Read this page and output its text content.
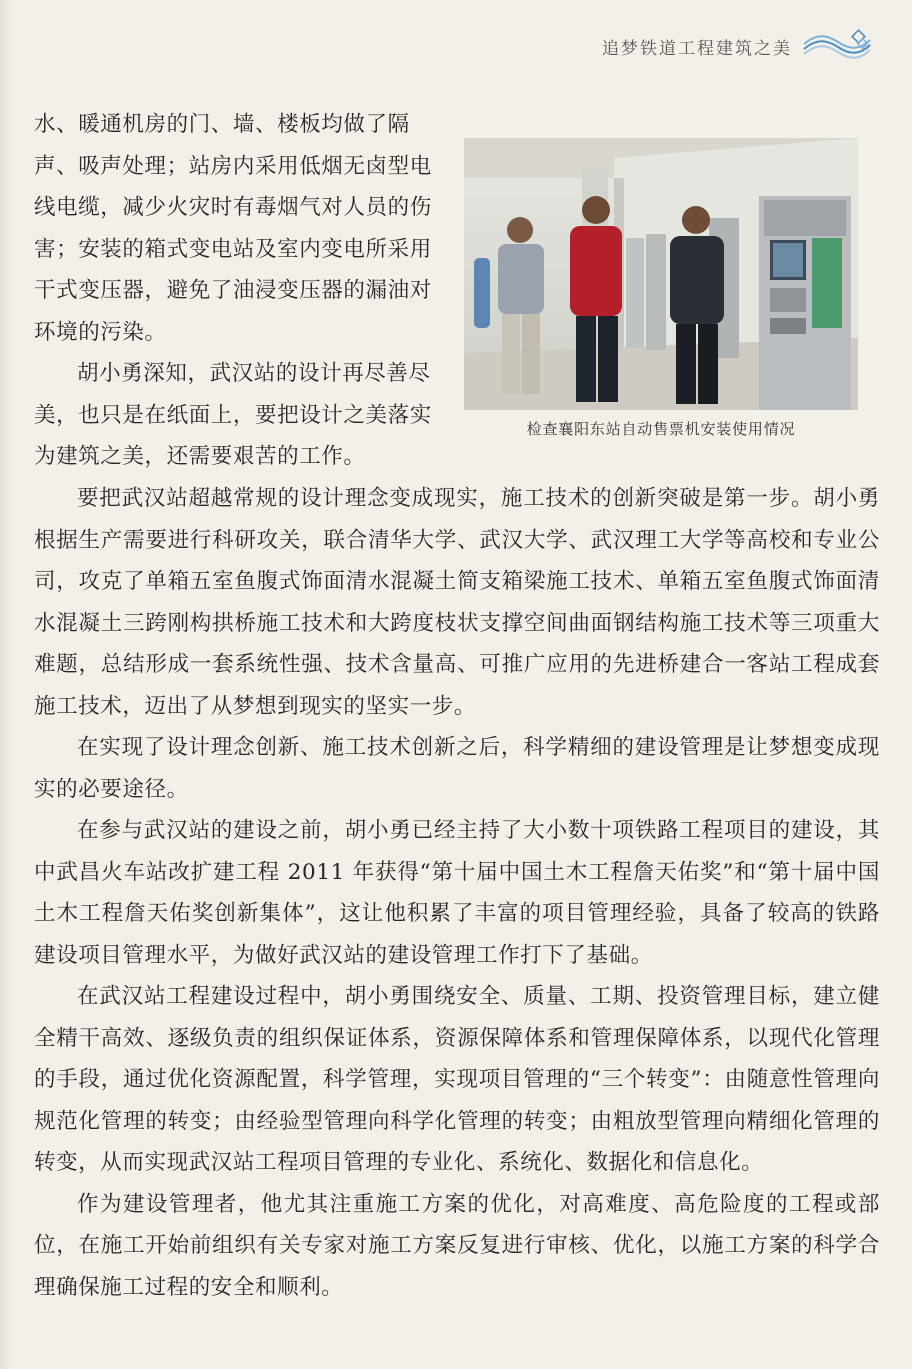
追梦铁道工程建筑之美

水、暖通机房的门、墙、楼板均做了隔声、吸声处理；站房内采用低烟无卤型电线电缆，减少火灾时有毒烟气对人员的伤害；安装的箱式变电站及室内变电所采用干式变压器，避免了油浸变压器的漏油对环境的污染。

胡小勇深知，武汉站的设计再尽善尽美，也只是在纸面上，要把设计之美落实为建筑之美，还需要艰苦的工作。

检查襄阳东站自动售票机安装使用情况

要把武汉站超越常规的设计理念变成现实，施工技术的创新突破是第一步。胡小勇根据生产需要进行科研攻关，联合清华大学、武汉大学、武汉理工大学等高校和专业公司，攻克了单箱五室鱼腹式饰面清水混凝土简支箱梁施工技术、单箱五室鱼腹式饰面清水混凝土三跨刚构拱桥施工技术和大跨度枝状支撑空间曲面钢结构施工技术等三项重大难题，总结形成一套系统性强、技术含量高、可推广应用的先进桥建合一客站工程成套施工技术，迈出了从梦想到现实的坚实一步。

在实现了设计理念创新、施工技术创新之后，科学精细的建设管理是让梦想变成现实的必要途径。

在参与武汉站的建设之前，胡小勇已经主持了大小数十项铁路工程项目的建设，其中武昌火车站改扩建工程 2011 年获得“第十届中国土木工程詹天佑奖”和“第十届中国土木工程詹天佑奖创新集体”，这让他积累了丰富的项目管理经验，具备了较高的铁路建设项目管理水平，为做好武汉站的建设管理工作打下了基础。

在武汉站工程建设过程中，胡小勇围绕安全、质量、工期、投资管理目标，建立健全精干高效、逐级负责的组织保证体系，资源保障体系和管理保障体系，以现代化管理的手段，通过优化资源配置，科学管理，实现项目管理的“三个转变”：由随意性管理向规范化管理的转变；由经验型管理向科学化管理的转变；由粗放型管理向精细化管理的转变，从而实现武汉站工程项目管理的专业化、系统化、数据化和信息化。

作为建设管理者，他尤其注重施工方案的优化，对高难度、高危险度的工程或部位，在施工开始前组织有关专家对施工方案反复进行审核、优化，以施工方案的科学合理确保施工过程的安全和顺利。
